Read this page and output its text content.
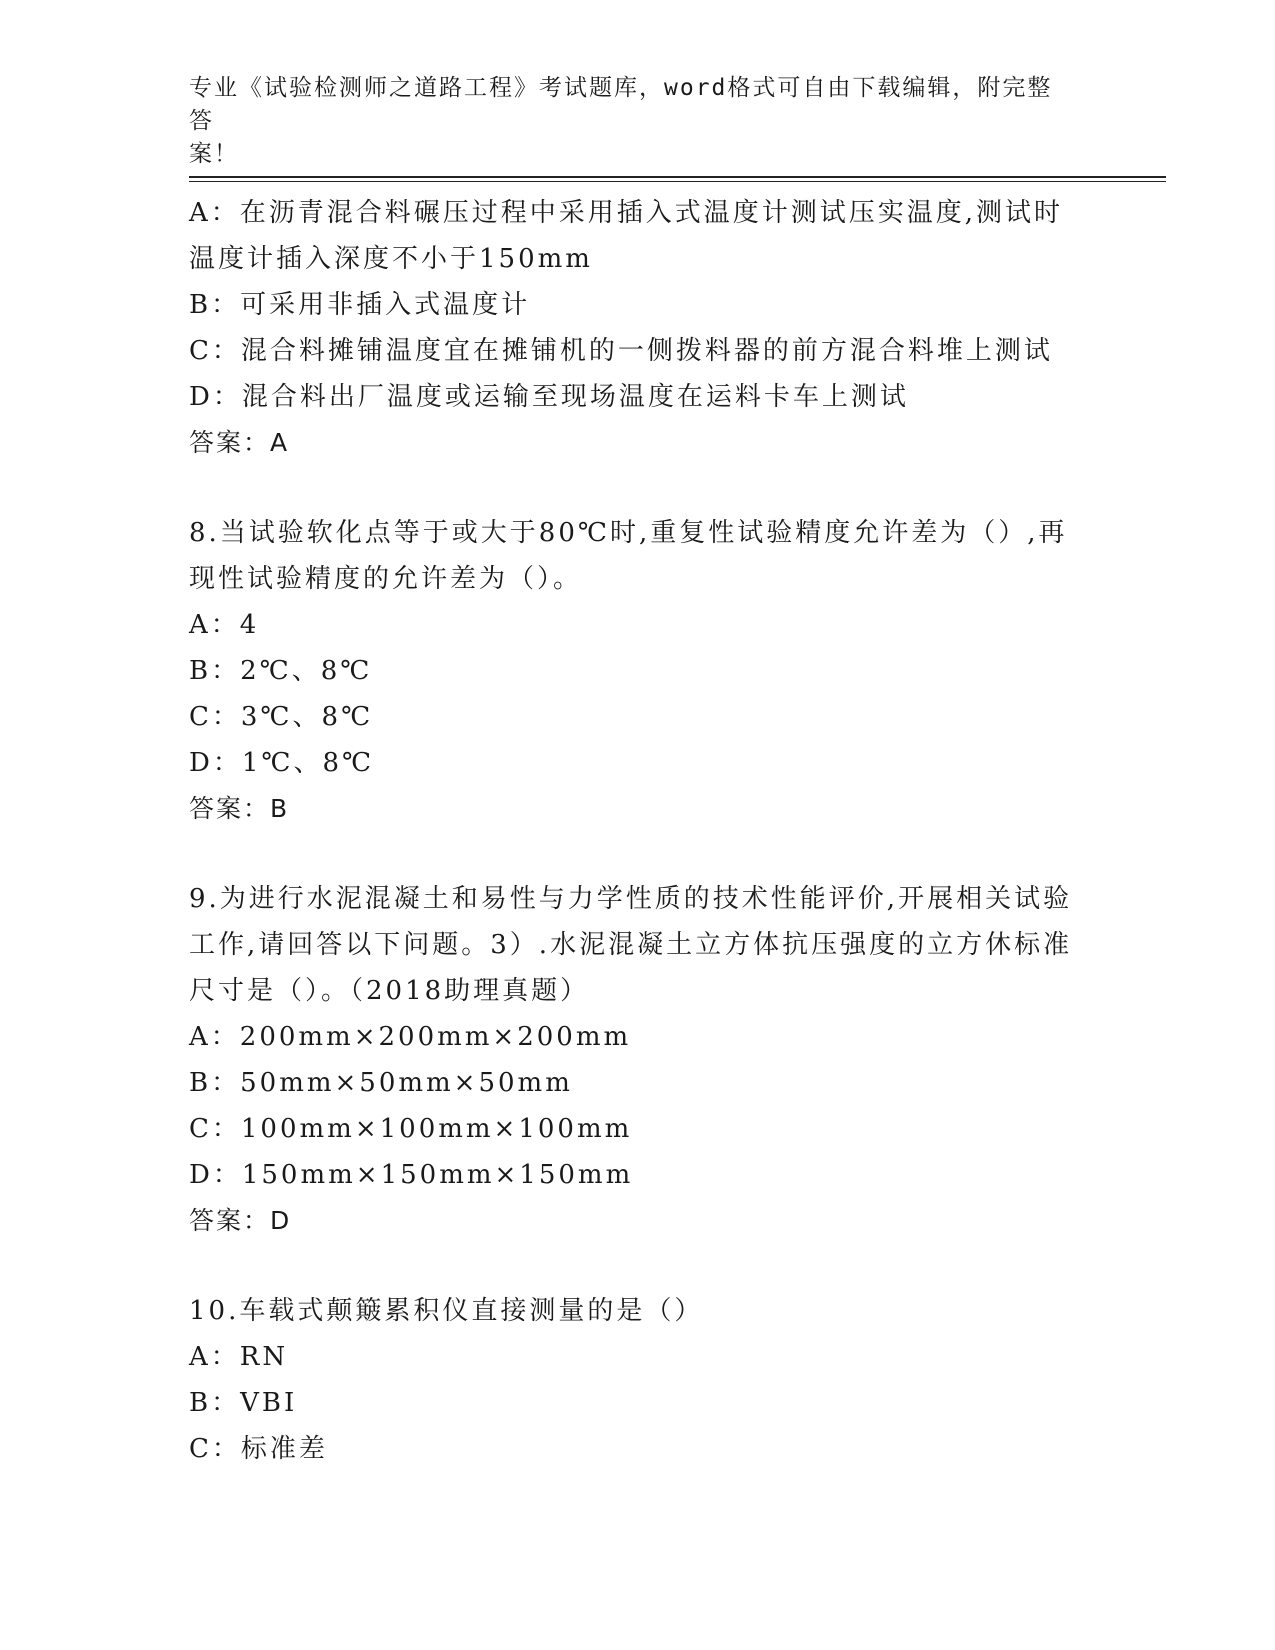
专业《试验检测师之道路工程》考试题库，word格式可自由下载编辑，附完整答
案！
A：在沥青混合料碾压过程中采用插入式温度计测试压实温度,测试时
温度计插入深度不小于150mm
B：可采用非插入式温度计
C：混合料摊铺温度宜在摊铺机的一侧拨料器的前方混合料堆上测试
D：混合料出厂温度或运输至现场温度在运料卡车上测试
答案：A
8.当试验软化点等于或大于80℃时,重复性试验精度允许差为（）,再
现性试验精度的允许差为（）。
A：4
B：2℃、8℃
C：3℃、8℃
D：1℃、8℃
答案：B
9.为进行水泥混凝土和易性与力学性质的技术性能评价,开展相关试验
工作,请回答以下问题。3）.水泥混凝土立方体抗压强度的立方休标准
尺寸是（）。（2018助理真题）
A：200mm×200mm×200mm
B：50mm×50mm×50mm
C：100mm×100mm×100mm
D：150mm×150mm×150mm
答案：D
10.车载式颠簸累积仪直接测量的是（）
A：RN
B：VBI
C：标准差
